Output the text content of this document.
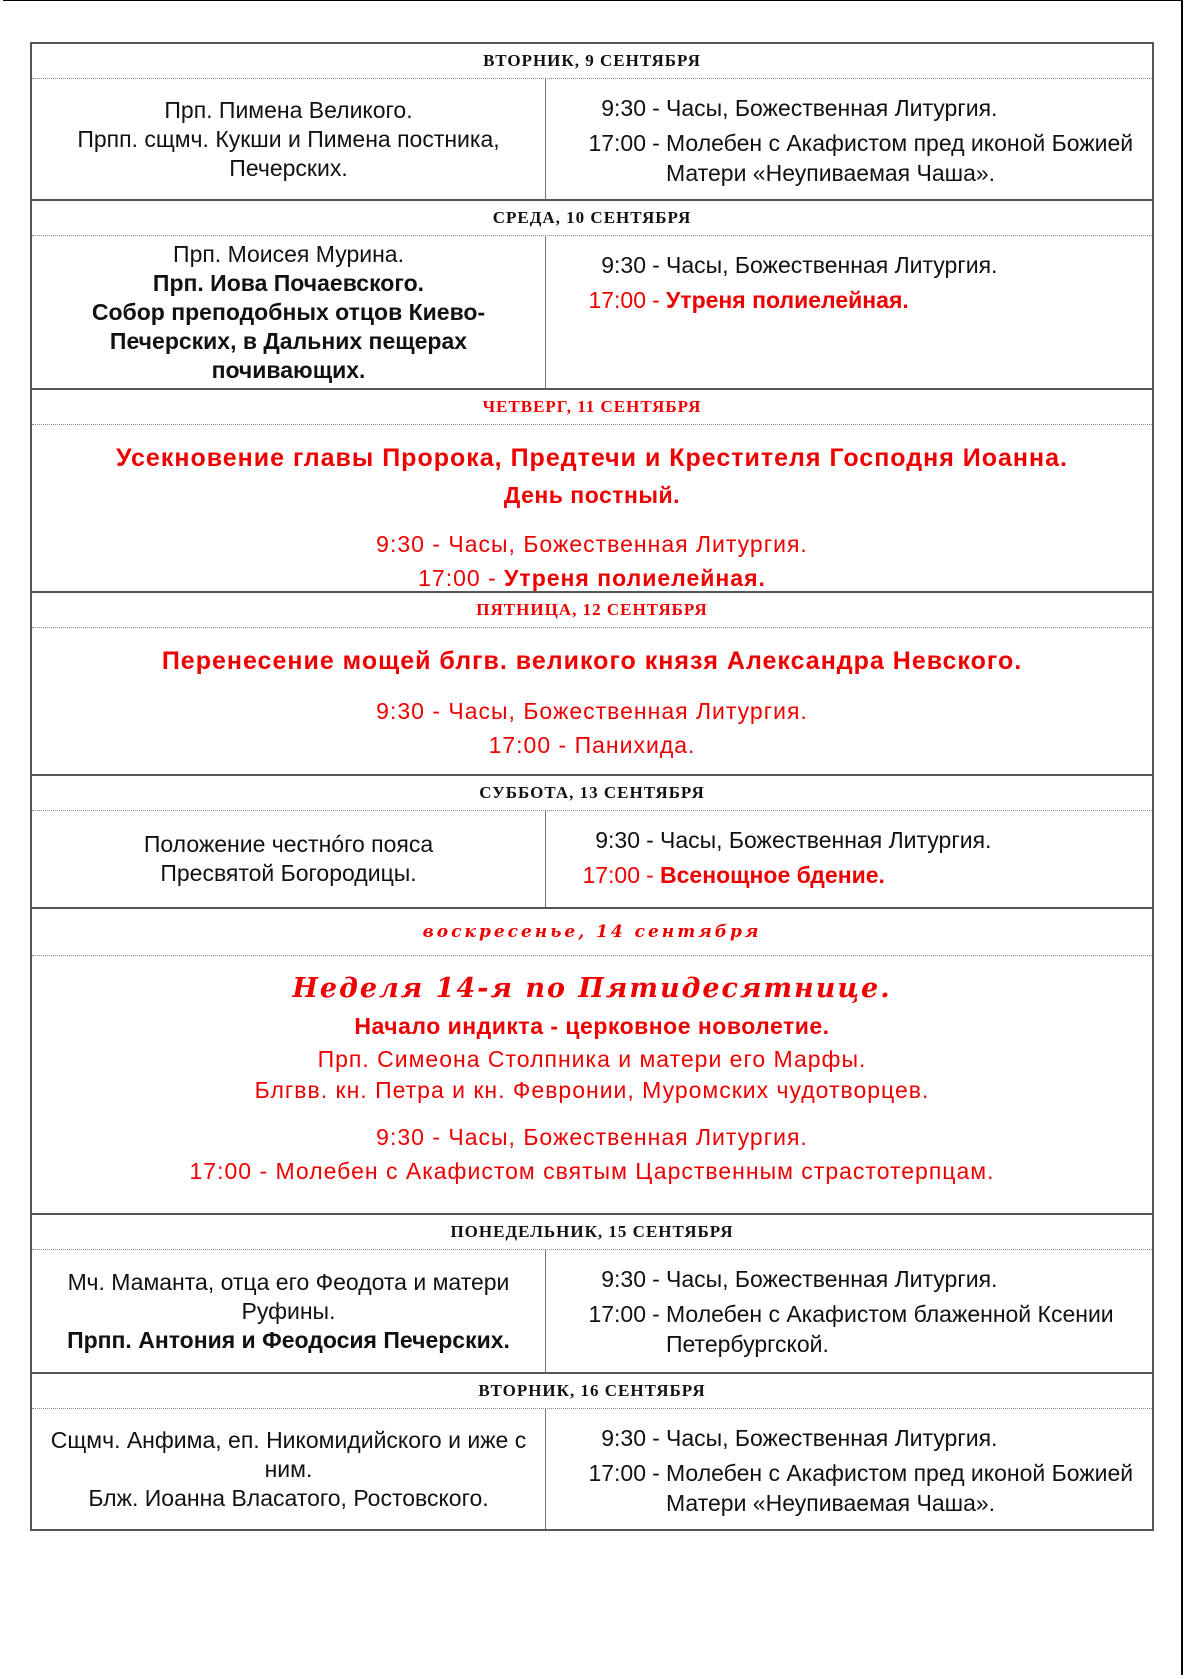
ВТОРНИК, 9 СЕНТЯБРЯ
Прп. Пимена Великого.
Прпп. сщмч. Кукши и Пимена постника, Печерских.
9:30 - Часы, Божественная Литургия.
17:00 - Молебен с Акафистом пред иконой Божией Матери «Неупиваемая Чаша».
СРЕДА, 10 СЕНТЯБРЯ
Прп. Моисея Мурина.
Прп. Иова Почаевского.
Собор преподобных отцов Киево-Печерских, в Дальних пещерах почивающих.
9:30 - Часы, Божественная Литургия.
17:00 - Утреня полиелейная.
ЧЕТВЕРГ, 11 СЕНТЯБРЯ
Усекновение главы Пророка, Предтечи и Крестителя Господня Иоанна.
День постный.
9:30 - Часы, Божественная Литургия.
17:00 - Утреня полиелейная.
ПЯТНИЦА, 12 СЕНТЯБРЯ
Перенесение мощей блгв. великого князя Александра Невского.
9:30 - Часы, Божественная Литургия.
17:00 - Панихида.
СУББОТА, 13 СЕНТЯБРЯ
Положение честнóго пояса Пресвятой Богородицы.
9:30 - Часы, Божественная Литургия.
17:00 - Всенощное бдение.
воскресенье, 14 сентября
Неделя 14-я по Пятидесятнице.
Начало индикта - церковное новолетие.
Прп. Симеона Столпника и матери его Марфы.
Блгвв. кн. Петра и кн. Февронии, Муромских чудотворцев.
9:30 - Часы, Божественная Литургия.
17:00 - Молебен с Акафистом святым Царственным страстотерпцам.
ПОНЕДЕЛЬНИК, 15 СЕНТЯБРЯ
Мч. Маманта, отца его Феодота и матери Руфины.
Прпп. Антония и Феодосия Печерских.
9:30 - Часы, Божественная Литургия.
17:00 - Молебен с Акафистом блаженной Ксении Петербургской.
ВТОРНИК, 16 СЕНТЯБРЯ
Сщмч. Анфима, еп. Никомидийского и иже с ним.
Блж. Иоанна Власатого, Ростовского.
9:30 - Часы, Божественная Литургия.
17:00 - Молебен с Акафистом пред иконой Божией Матери «Неупиваемая Чаша».
